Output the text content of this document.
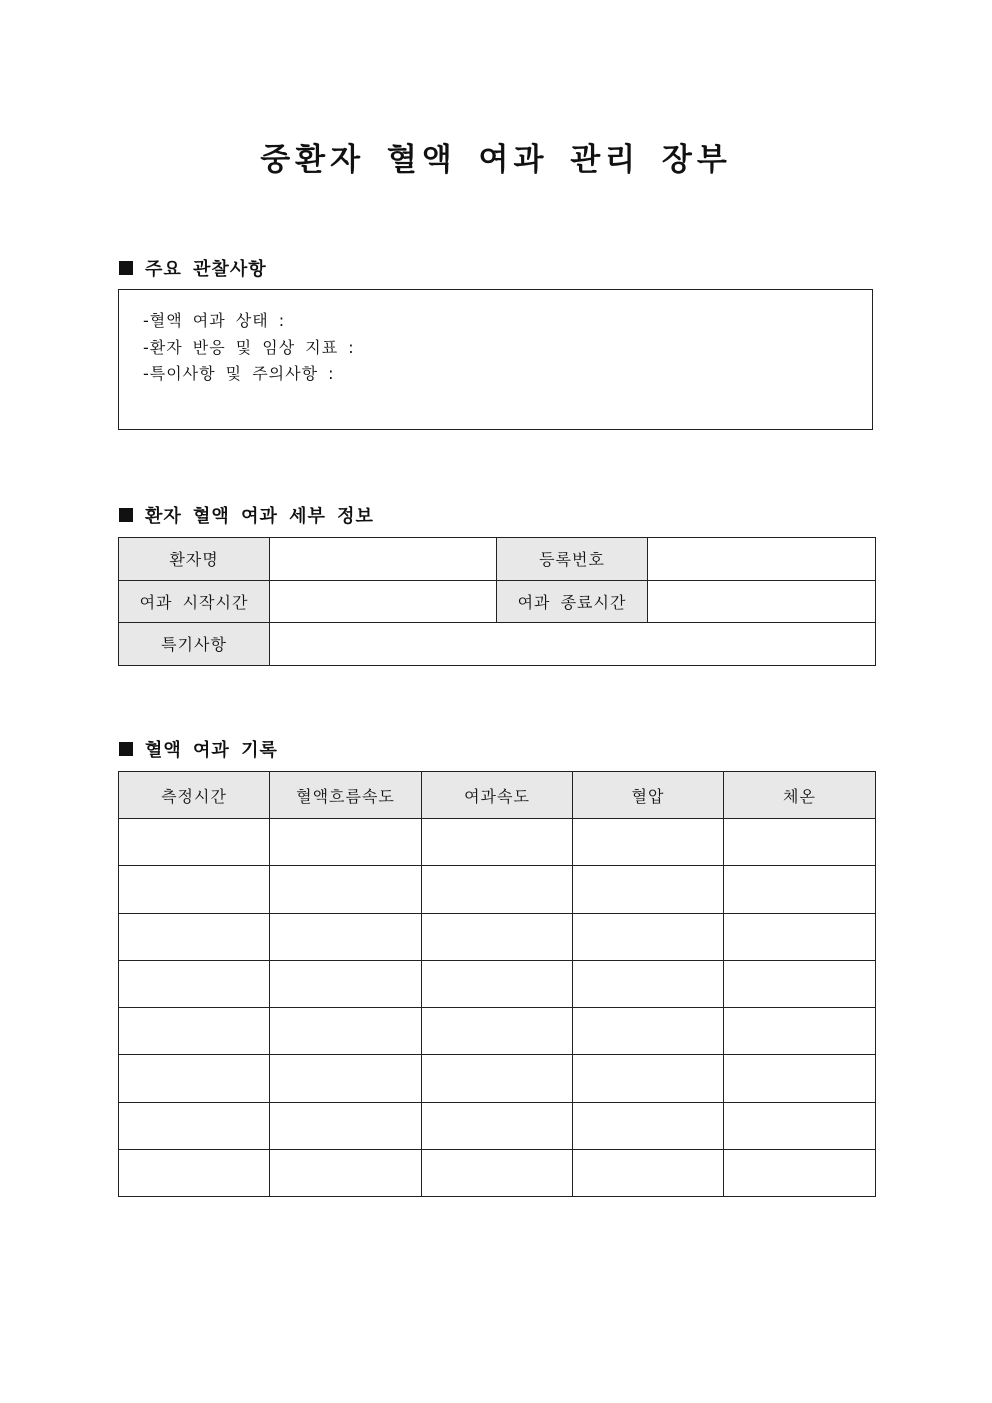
중환자 혈액 여과 관리 장부
주요 관찰사항
-혈액 여과 상태 :
-환자 반응 및 임상 지표 :
-특이사항 및 주의사항 :
환자 혈액 여과 세부 정보
환자명		등록번호	
여과 시작시간		여과 종료시간	
특기사항			
혈액 여과 기록
측정시간	혈액흐름속도	여과속도	혈압	체온
